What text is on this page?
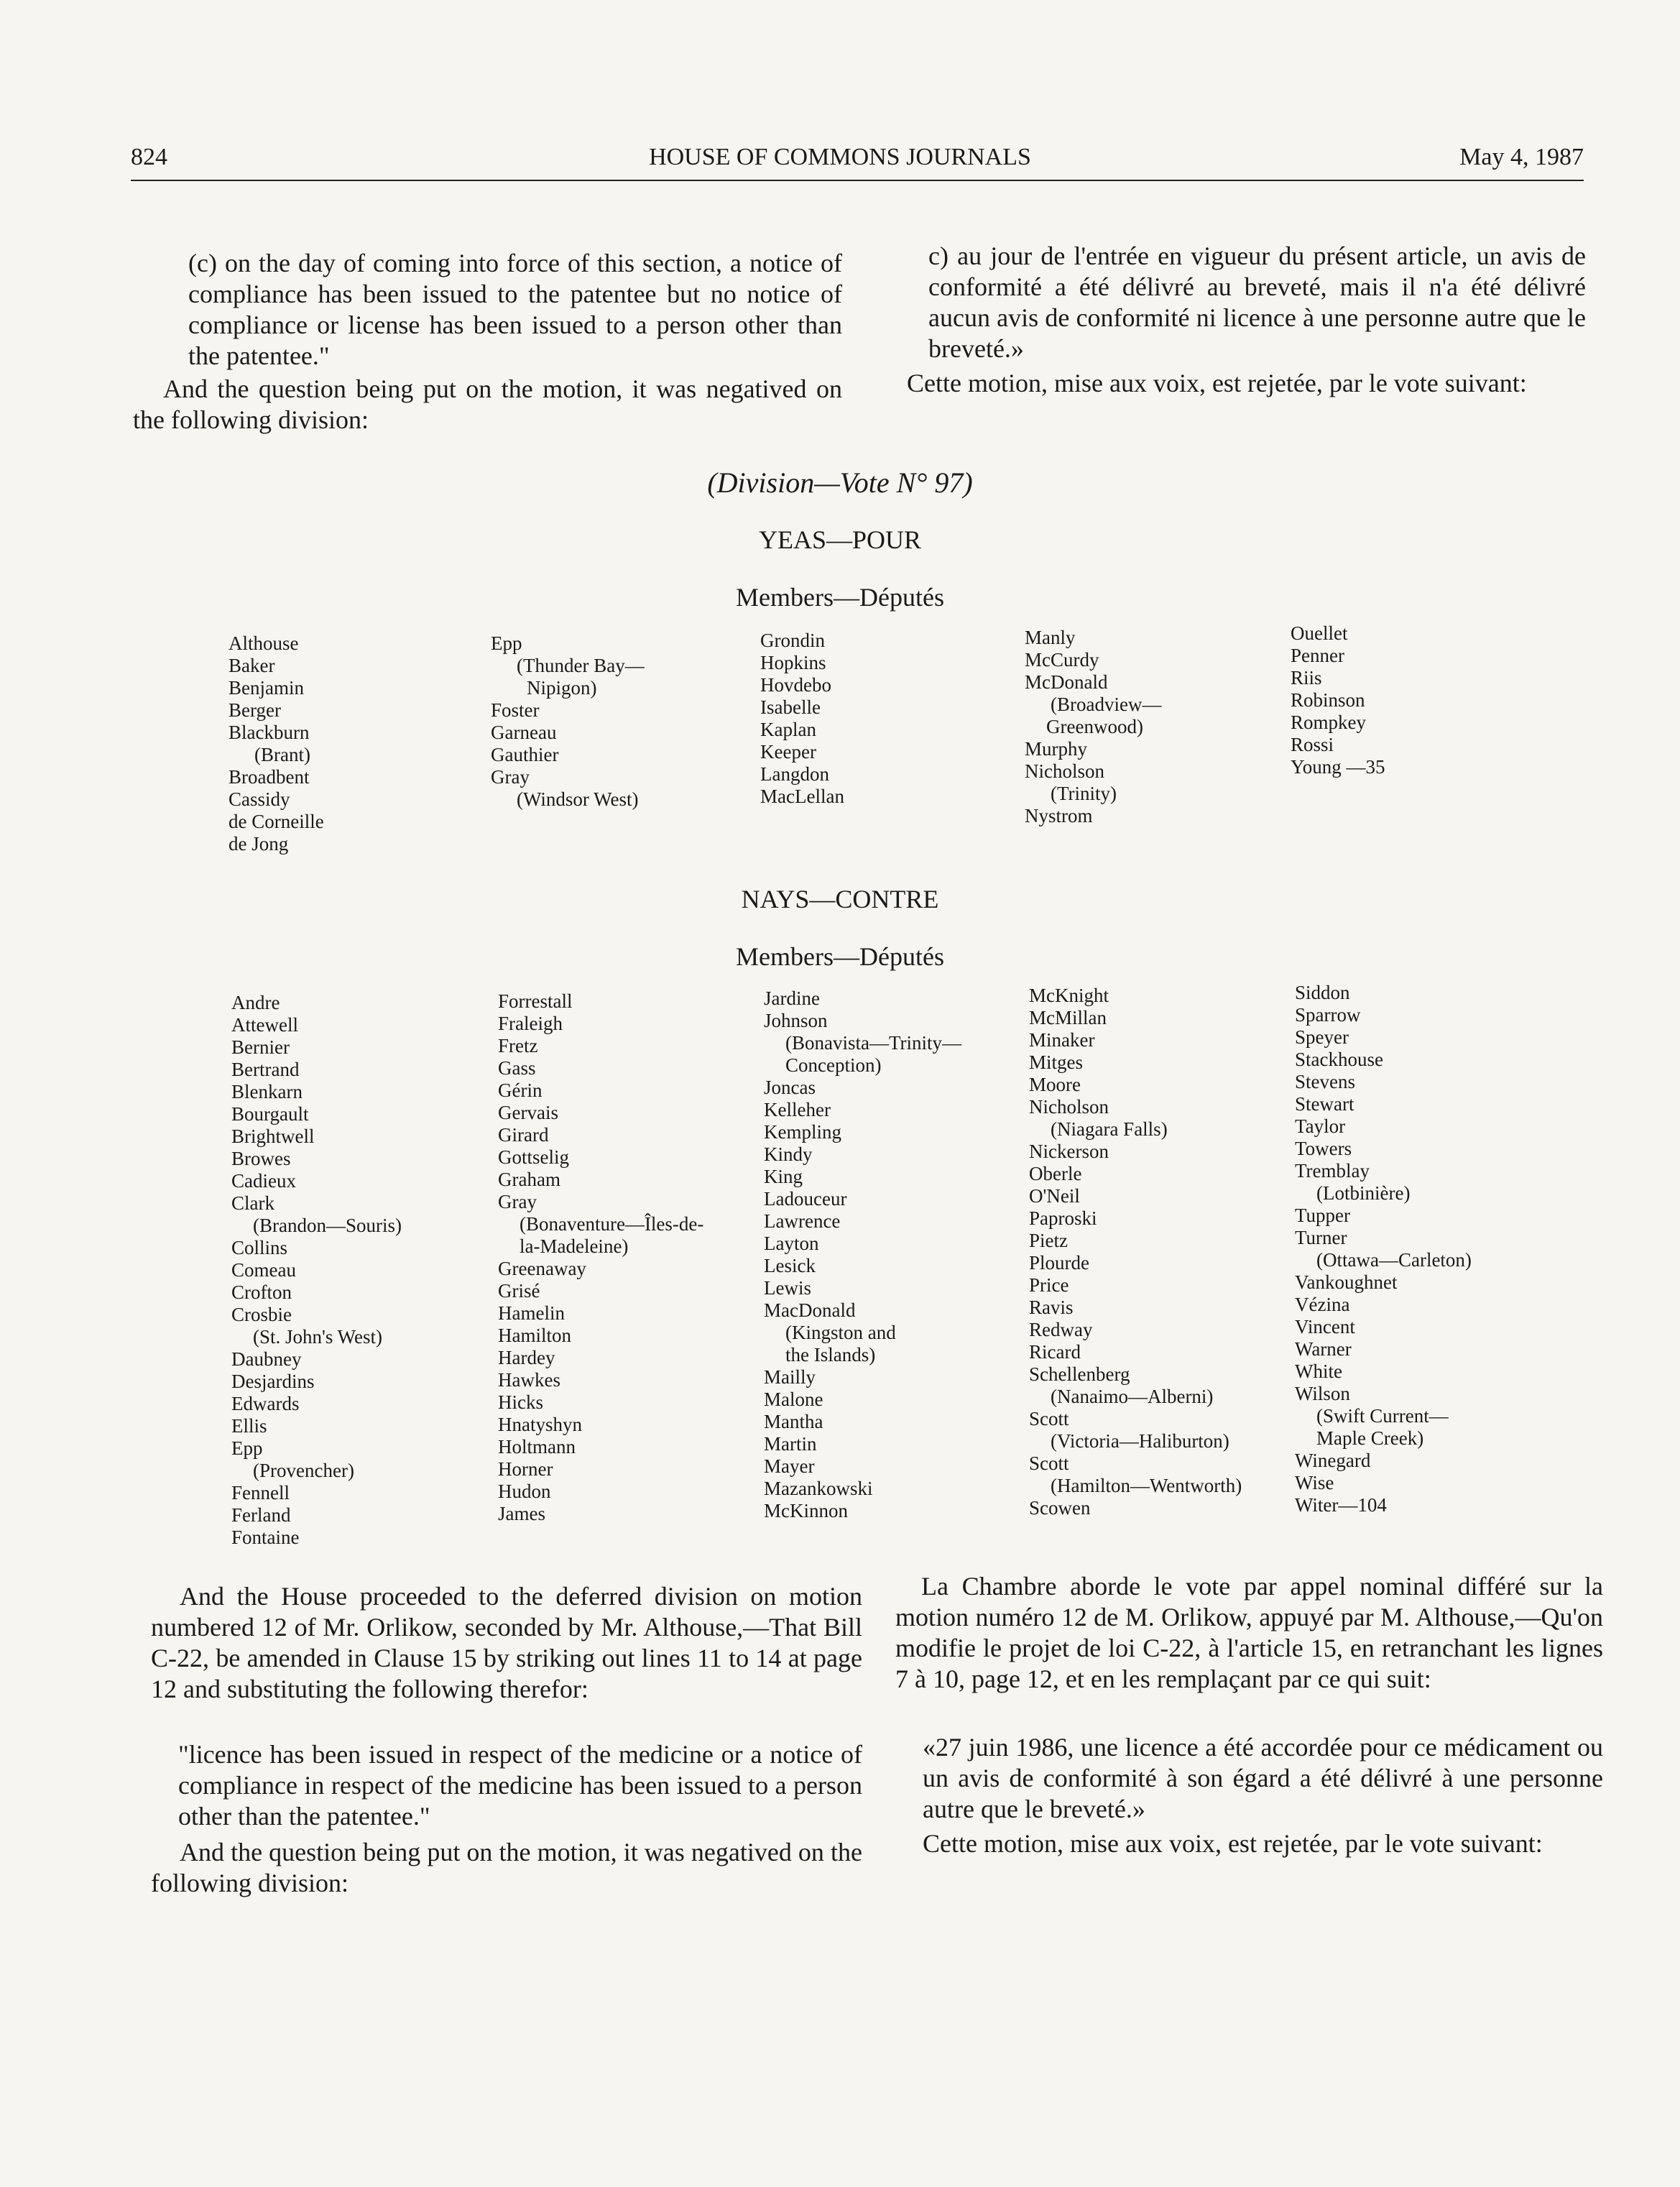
824	HOUSE OF COMMONS JOURNALS	May 4, 1987
(c) on the day of coming into force of this section, a notice of compliance has been issued to the patentee but no notice of compliance or license has been issued to a person other than the patentee."
And the question being put on the motion, it was negatived on the following division:
c) au jour de l'entrée en vigueur du présent article, un avis de conformité a été délivré au breveté, mais il n'a été délivré aucun avis de conformité ni licence à une personne autre que le breveté.»
Cette motion, mise aux voix, est rejetée, par le vote suivant:
(Division—Vote N° 97)
YEAS—POUR
Members—Députés
Althouse
Baker
Benjamin
Berger
Blackburn
(Brant)
Broadbent
Cassidy
de Corneille
de Jong
Epp
(Thunder Bay—
Nipigon)
Foster
Garneau
Gauthier
Gray
(Windsor West)
Grondin
Hopkins
Hovdebo
Isabelle
Kaplan
Keeper
Langdon
MacLellan
Manly
McCurdy
McDonald
(Broadview—
Greenwood)
Murphy
Nicholson
(Trinity)
Nystrom
Ouellet
Penner
Riis
Robinson
Rompkey
Rossi
Young —35
NAYS—CONTRE
Members—Députés
Andre
Attewell
Bernier
Bertrand
Blenkarn
Bourgault
Brightwell
Browes
Cadieux
Clark
(Brandon—Souris)
Collins
Comeau
Crofton
Crosbie
(St. John's West)
Daubney
Desjardins
Edwards
Ellis
Epp
(Provencher)
Fennell
Ferland
Fontaine
Forrestall
Fraleigh
Fretz
Gass
Gérin
Gervais
Girard
Gottselig
Graham
Gray
(Bonaventure—Îles-de-
la-Madeleine)
Greenaway
Grisé
Hamelin
Hamilton
Hardey
Hawkes
Hicks
Hnatyshyn
Holtmann
Horner
Hudon
James
Jardine
Johnson
(Bonavista—Trinity—
Conception)
Joncas
Kelleher
Kempling
Kindy
King
Ladouceur
Lawrence
Layton
Lesick
Lewis
MacDonald
(Kingston and
the Islands)
Mailly
Malone
Mantha
Martin
Mayer
Mazankowski
McKinnon
McKnight
McMillan
Minaker
Mitges
Moore
Nicholson
(Niagara Falls)
Nickerson
Oberle
O'Neil
Paproski
Pietz
Plourde
Price
Ravis
Redway
Ricard
Schellenberg
(Nanaimo—Alberni)
Scott
(Victoria—Haliburton)
Scott
(Hamilton—Wentworth)
Scowen
Siddon
Sparrow
Speyer
Stackhouse
Stevens
Stewart
Taylor
Towers
Tremblay
(Lotbinière)
Tupper
Turner
(Ottawa—Carleton)
Vankoughnet
Vézina
Vincent
Warner
White
Wilson
(Swift Current—
Maple Creek)
Winegard
Wise
Witer—104
And the House proceeded to the deferred division on motion numbered 12 of Mr. Orlikow, seconded by Mr. Althouse,—That Bill C-22, be amended in Clause 15 by striking out lines 11 to 14 at page 12 and substituting the following therefor:
"licence has been issued in respect of the medicine or a notice of compliance in respect of the medicine has been issued to a person other than the patentee."
And the question being put on the motion, it was negatived on the following division:
La Chambre aborde le vote par appel nominal différé sur la motion numéro 12 de M. Orlikow, appuyé par M. Althouse,—Qu'on modifie le projet de loi C-22, à l'article 15, en retranchant les lignes 7 à 10, page 12, et en les remplaçant par ce qui suit:
«27 juin 1986, une licence a été accordée pour ce médicament ou un avis de conformité à son égard a été délivré à une personne autre que le breveté.»
Cette motion, mise aux voix, est rejetée, par le vote suivant:
